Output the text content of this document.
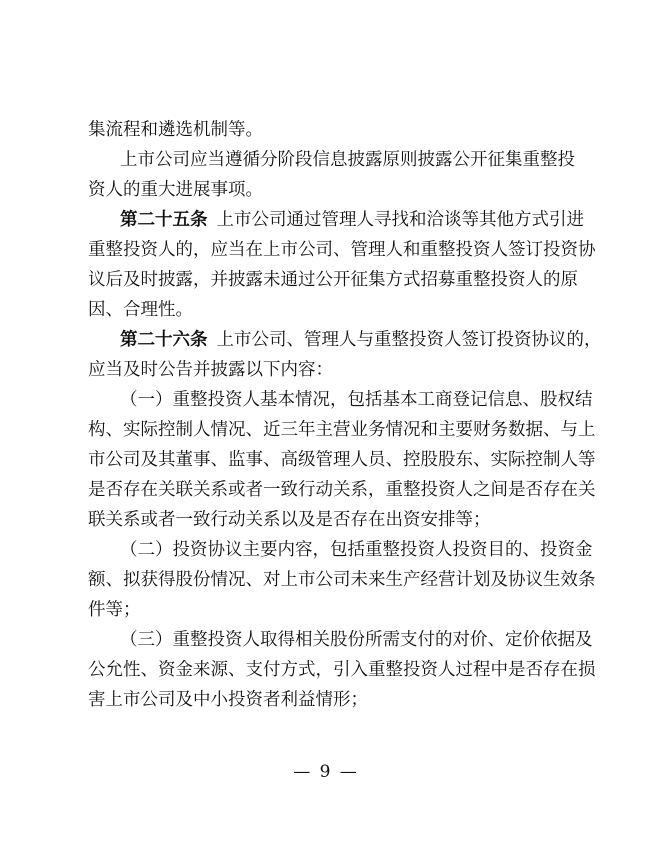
集流程和遴选机制等。
上市公司应当遵循分阶段信息披露原则披露公开征集重整投
资人的重大进展事项。
第二十五条 上市公司通过管理人寻找和洽谈等其他方式引进
重整投资人的，应当在上市公司、管理人和重整投资人签订投资协
议后及时披露，并披露未通过公开征集方式招募重整投资人的原
因、合理性。
第二十六条 上市公司、管理人与重整投资人签订投资协议的，
应当及时公告并披露以下内容：
（一）重整投资人基本情况，包括基本工商登记信息、股权结
构、实际控制人情况、近三年主营业务情况和主要财务数据、与上
市公司及其董事、监事、高级管理人员、控股股东、实际控制人等
是否存在关联关系或者一致行动关系，重整投资人之间是否存在关
联关系或者一致行动关系以及是否存在出资安排等；
（二）投资协议主要内容，包括重整投资人投资目的、投资金
额、拟获得股份情况、对上市公司未来生产经营计划及协议生效条
件等；
（三）重整投资人取得相关股份所需支付的对价、定价依据及
公允性、资金来源、支付方式，引入重整投资人过程中是否存在损
害上市公司及中小投资者利益情形；
— 9 —
